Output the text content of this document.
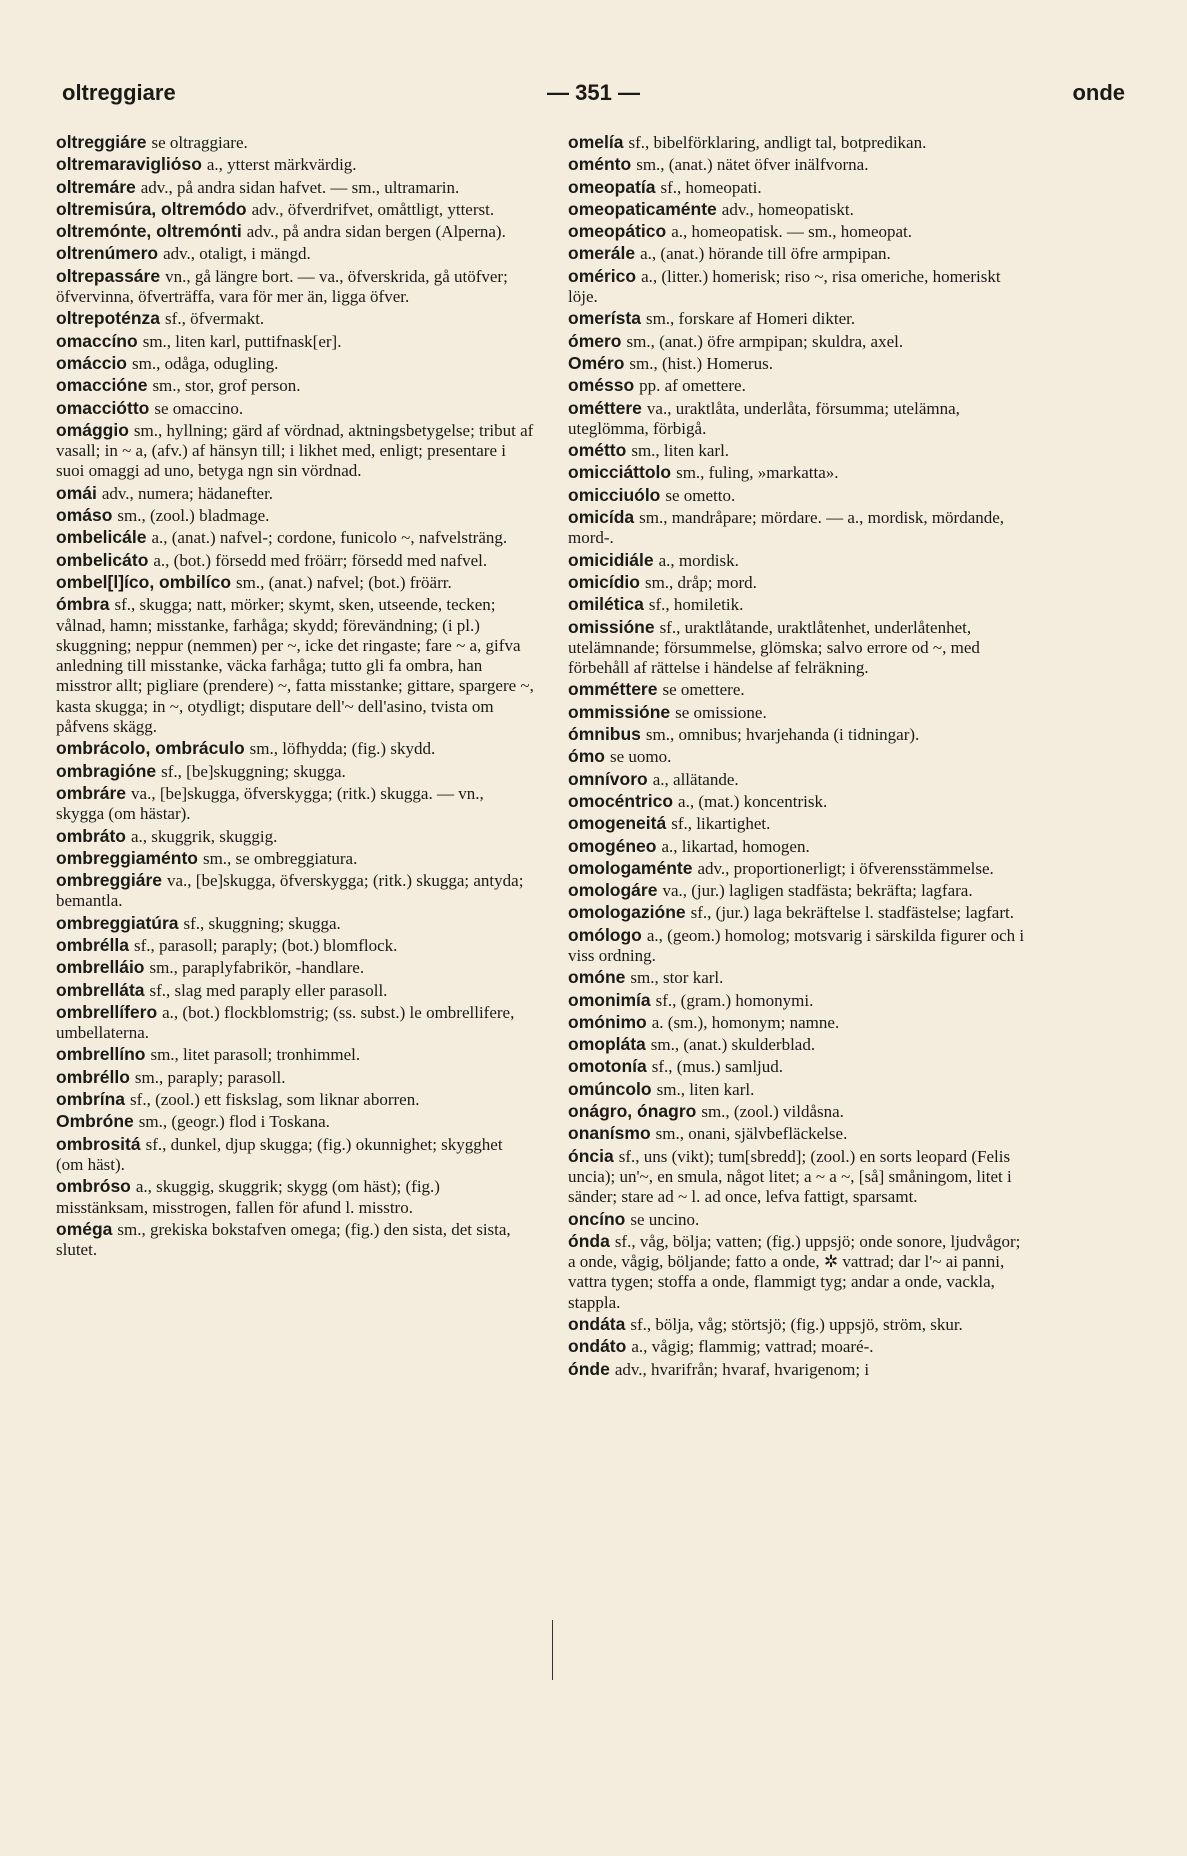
oltreggiare	— 351 —	onde
oltreggiáre se oltraggiare.
oltremaravigliόso a., ytterst märkvärdig.
oltremáre adv., på andra sidan hafvet. — sm., ultramarin.
oltremisúra, oltremódo adv., öfverdrifvet, omåttligt, ytterst.
oltremónte, oltremónti adv., på andra sidan bergen (Alperna).
oltrenúmero adv., otaligt, i mängd.
oltrepassáre vn., gå längre bort. — va., öfverskrida, gå utöfver; öfvervinna, öfverträffa, vara för mer än, ligga öfver.
oltrepoténza sf., öfvermakt.
omaccíno sm., liten karl, puttifnask[er].
omáccio sm., odåga, odugling.
omaccióne sm., stor, grof person.
omacciótto se omaccino.
omággio sm., hyllning; gärd af vördnad, aktningsbetygelse; tribut af vasall; in ~ a, (afv.) af hänsyn till; i likhet med, enligt; presentare i suoi omaggi ad uno, betyga ngn sin vördnad.
omái adv., numera; hädanefter.
omáso sm., (zool.) bladmage.
ombelicále a., (anat.) nafvel-; cordone, funicolo ~, nafvelsträng.
ombelicáto a., (bot.) försedd med fröärr; försedd med nafvel.
ombel[l]íco, ombilíco sm., (anat.) nafvel; (bot.) fröärr.
ómbra sf., skugga; natt, mörker; skymt, sken, utseende, tecken; vålnad, hamn; misstanke, farhåga; skydd; förevändning; (i pl.) skuggning; neppur (nemmen) per ~, icke det ringaste; fare ~ a, gifva anledning till misstanke, väcka farhåga; tutto gli fa ombra, han misstror allt; pigliare (prendere) ~, fatta misstanke; gittare, spargere ~, kasta skugga; in ~, otydligt; disputare dell'~ dell'asino, tvista om påfvens skägg.
ombrácolo, ombráculo sm., löfhydda; (fig.) skydd.
ombragióne sf., [be]skuggning; skugga.
ombráre va., [be]skugga, öfverskygga; (ritk.) skugga. — vn., skygga (om hästar).
ombráto a., skuggrik, skuggig.
ombreggiaménto sm., se ombreggiatura.
ombreggiáre va., [be]skugga, öfverskygga; (ritk.) skugga; antyda; bemantla.
ombreggiatúra sf., skuggning; skugga.
ombrélla sf., parasoll; paraply; (bot.) blomflock.
ombrelláio sm., paraplyfabrikör, -handlare.
ombrelláta sf., slag med paraply eller parasoll.
ombrellífero a., (bot.) flockblomstrig; (ss. subst.) le ombrellifere, umbellaterna.
ombrellíno sm., litet parasoll; tronhimmel.
ombréllo sm., paraply; parasoll.
ombrína sf., (zool.) ett fiskslag, som liknar aborren.
Ombróne sm., (geogr.) flod i Toskana.
ombrositá sf., dunkel, djup skugga; (fig.) okunnighet; skygghet (om häst).
ombróso a., skuggig, skuggrik; skygg (om häst); (fig.) misstänksam, misstrogen, fallen för afund l. misstro.
oméga sm., grekiska bokstafven omega; (fig.) den sista, det sista, slutet.
omelía sf., bibelförklaring, andligt tal, botpredikan.
oménto sm., (anat.) nätet öfver inälfvorna.
omeopatía sf., homeopati.
omeopaticaménte adv., homeopatiskt.
omeopático a., homeopatisk. — sm., homeopat.
omerále a., (anat.) hörande till öfre armpipan.
omérico a., (litter.) homerisk; riso ~, risa omeriche, homeriskt löje.
omerísta sm., forskare af Homeri dikter.
ómero sm., (anat.) öfre armpipan; skuldra, axel.
Oméro sm., (hist.) Homerus.
omésso pp. af omettere.
ométtere va., uraktlåta, underlåta, försumma; utelämna, uteglömma, förbigå.
ométto sm., liten karl.
omicciáttolo sm., fuling, »markatta».
omicciuólo se ometto.
omicída sm., mandråpare; mördare. — a., mordisk, mördande, mord-.
omicidiále a., mordisk.
omicídio sm., dråp; mord.
omilética sf., homiletik.
omissióne sf., uraktlåtande, uraktlåtenhet, underlåtenhet, utelämnande; försummelse, glömska; salvo errore od ~, med förbehåll af rättelse i händelse af felräkning.
omméttere se omettere.
ommissióne se omissione.
ómnibus sm., omnibus; hvarjehanda (i tidningar).
ómo se uomo.
omnívoro a., allätande.
omocéntrico a., (mat.) koncentrisk.
omogeneitá sf., likartighet.
omogéneo a., likartad, homogen.
omologaménte adv., proportionerligt; i öfverensstämmelse.
omologáre va., (jur.) lagligen stadfästa; bekräfta; lagfara.
omologazióne sf., (jur.) laga bekräftelse l. stadfästelse; lagfart.
omólogo a., (geom.) homolog; motsvarig i särskilda figurer och i viss ordning.
omóne sm., stor karl.
omonimía sf., (gram.) homonymi.
omónimo a. (sm.), homonym; namne.
omopláta sm., (anat.) skulderblad.
omotonía sf., (mus.) samljud.
omúncolo sm., liten karl.
onágro, ónagro sm., (zool.) vildåsna.
onanísmo sm., onani, självbefläckelse.
óncia sf., uns (vikt); tum[sbredd]; (zool.) en sorts leopard (Felis uncia); un'~, en smula, något litet; a ~ a ~, [så] småningom, litet i sänder; stare ad ~ l. ad once, lefva fattigt, sparsamt.
oncíno se uncino.
ónda sf., våg, bölja; vatten; (fig.) uppsjö; onde sonore, ljudvågor; a onde, vågig, böljande; fatto a onde, ✲ vattrad; dar l'~ ai panni, vattra tygen; stoffa a onde, flammigt tyg; andar a onde, vackla, stappla.
ondáta sf., bölja, våg; störtsjö; (fig.) uppsjö, ström, skur.
ondáto a., vågig; flammig; vattrad; moaré-.
ónde adv., hvarifrån; hvaraf, hvarigenom; i
